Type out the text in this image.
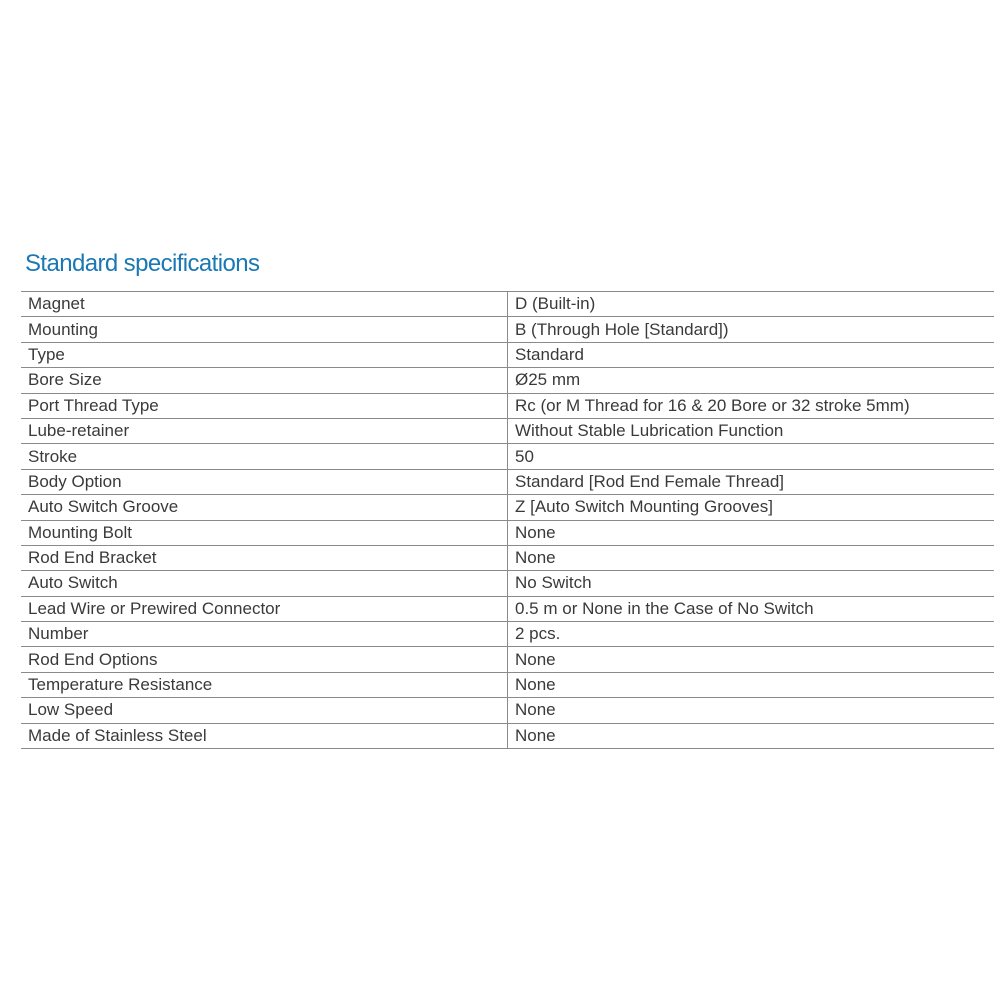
Standard specifications
Magnet	D (Built-in)
Mounting	B (Through Hole [Standard])
Type	Standard
Bore Size	Ø25 mm
Port Thread Type	Rc (or M Thread for 16 & 20 Bore or 32 stroke 5mm)
Lube-retainer	Without Stable Lubrication Function
Stroke	50
Body Option	Standard [Rod End Female Thread]
Auto Switch Groove	Z [Auto Switch Mounting Grooves]
Mounting Bolt	None
Rod End Bracket	None
Auto Switch	No Switch
Lead Wire or Prewired Connector	0.5 m or None in the Case of No Switch
Number	2 pcs.
Rod End Options	None
Temperature Resistance	None
Low Speed	None
Made of Stainless Steel	None
